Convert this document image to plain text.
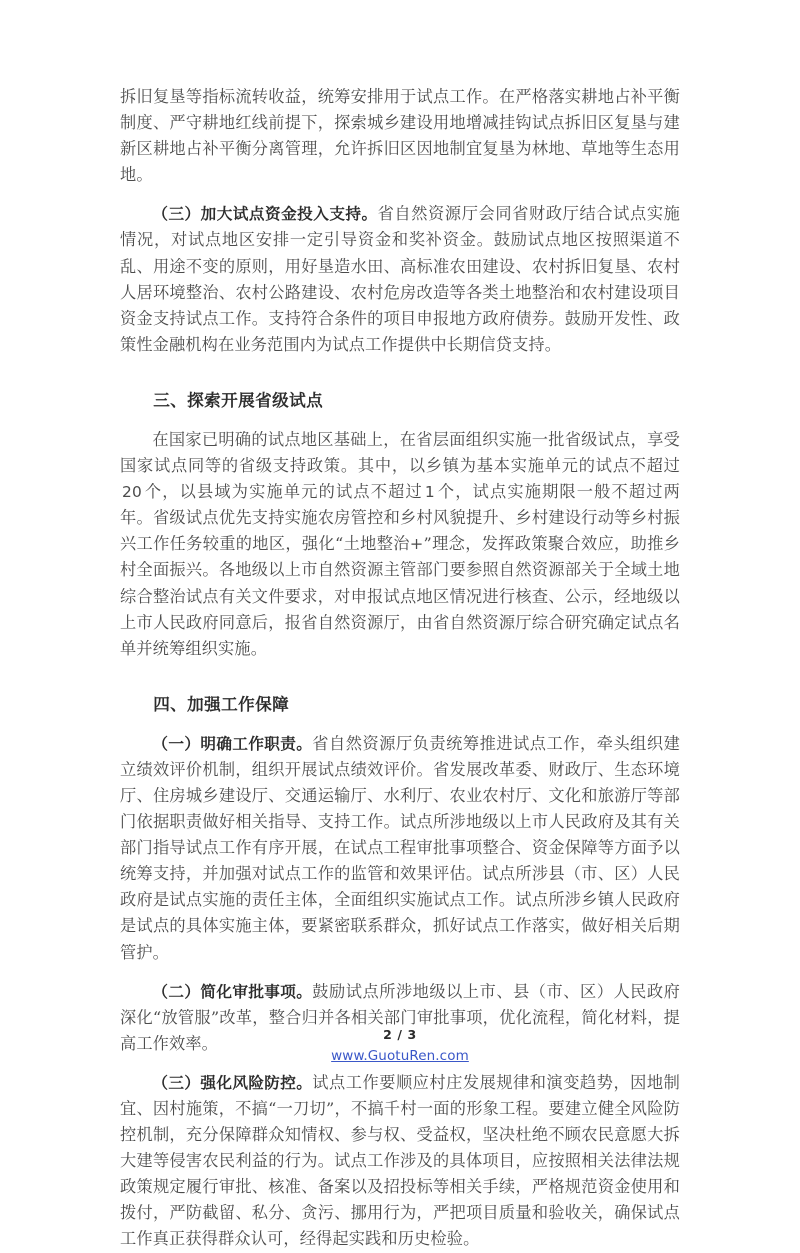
拆旧复垦等指标流转收益，统筹安排用于试点工作。在严格落实耕地占补平衡制度、严守耕地红线前提下，探索城乡建设用地增减挂钩试点拆旧区复垦与建新区耕地占补平衡分离管理，允许拆旧区因地制宜复垦为林地、草地等生态用地。

（三）加大试点资金投入支持。省自然资源厅会同省财政厅结合试点实施情况，对试点地区安排一定引导资金和奖补资金。鼓励试点地区按照渠道不乱、用途不变的原则，用好垦造水田、高标准农田建设、农村拆旧复垦、农村人居环境整治、农村公路建设、农村危房改造等各类土地整治和农村建设项目资金支持试点工作。支持符合条件的项目申报地方政府债券。鼓励开发性、政策性金融机构在业务范围内为试点工作提供中长期信贷支持。

三、探索开展省级试点

在国家已明确的试点地区基础上，在省层面组织实施一批省级试点，享受国家试点同等的省级支持政策。其中，以乡镇为基本实施单元的试点不超过20 个，以县域为实施单元的试点不超过 1 个，试点实施期限一般不超过两年。省级试点优先支持实施农房管控和乡村风貌提升、乡村建设行动等乡村振兴工作任务较重的地区，强化“土地整治+”理念，发挥政策聚合效应，助推乡村全面振兴。各地级以上市自然资源主管部门要参照自然资源部关于全域土地综合整治试点有关文件要求，对申报试点地区情况进行核查、公示，经地级以上市人民政府同意后，报省自然资源厅，由省自然资源厅综合研究确定试点名单并统筹组织实施。

四、加强工作保障

（一）明确工作职责。省自然资源厅负责统筹推进试点工作，牵头组织建立绩效评价机制，组织开展试点绩效评价。省发展改革委、财政厅、生态环境厅、住房城乡建设厅、交通运输厅、水利厅、农业农村厅、文化和旅游厅等部门依据职责做好相关指导、支持工作。试点所涉地级以上市人民政府及其有关部门指导试点工作有序开展，在试点工程审批事项整合、资金保障等方面予以统筹支持，并加强对试点工作的监管和效果评估。试点所涉县（市、区）人民政府是试点实施的责任主体，全面组织实施试点工作。试点所涉乡镇人民政府是试点的具体实施主体，要紧密联系群众，抓好试点工作落实，做好相关后期管护。

（二）简化审批事项。鼓励试点所涉地级以上市、县（市、区）人民政府深化“放管服”改革，整合归并各相关部门审批事项，优化流程，简化材料，提高工作效率。

（三）强化风险防控。试点工作要顺应村庄发展规律和演变趋势，因地制宜、因村施策，不搞“一刀切”，不搞千村一面的形象工程。要建立健全风险防控机制，充分保障群众知情权、参与权、受益权，坚决杜绝不顾农民意愿大拆大建等侵害农民利益的行为。试点工作涉及的具体项目，应按照相关法律法规政策规定履行审批、核准、备案以及招投标等相关手续，严格规范资金使用和拨付，严防截留、私分、贪污、挪用行为，严把项目质量和验收关，确保试点工作真正获得群众认可，经得起实践和历史检验。

2 / 3
www.GuotuRen.com
